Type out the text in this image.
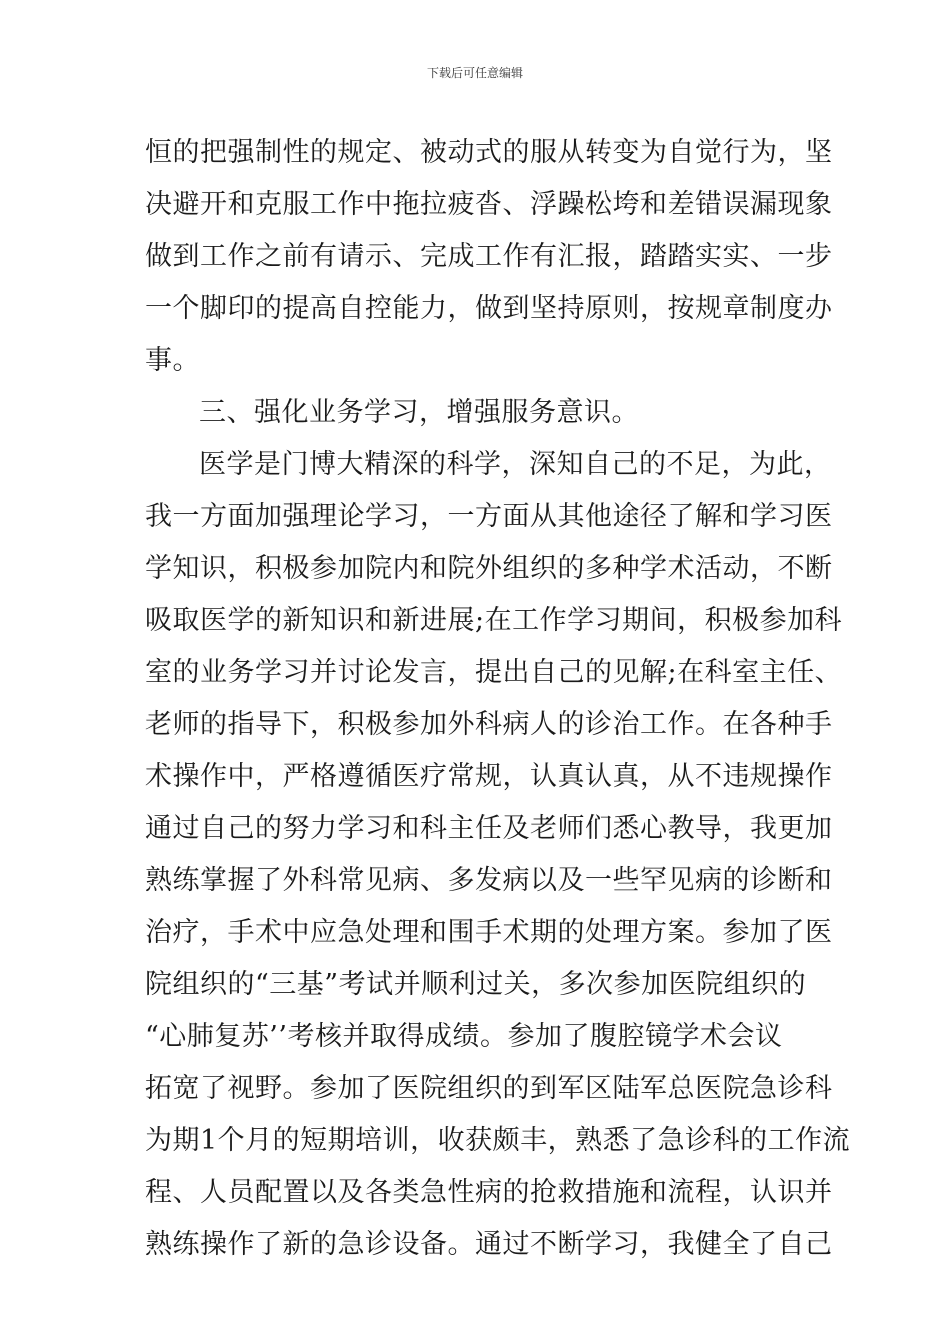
下载后可任意编辑
恒的把强制性的规定、被动式的服从转变为自觉行为，坚
决避开和克服工作中拖拉疲沓、浮躁松垮和差错误漏现象
做到工作之前有请示、完成工作有汇报，踏踏实实、一步
一个脚印的提高自控能力，做到坚持原则，按规章制度办
事。
三、强化业务学习，增强服务意识。
医学是门博大精深的科学，深知自己的不足，为此，
我一方面加强理论学习，一方面从其他途径了解和学习医
学知识，积极参加院内和院外组织的多种学术活动，不断
吸取医学的新知识和新进展;在工作学习期间，积极参加科
室的业务学习并讨论发言，提出自己的见解;在科室主任、
老师的指导下，积极参加外科病人的诊治工作。在各种手
术操作中，严格遵循医疗常规，认真认真，从不违规操作
通过自己的努力学习和科主任及老师们悉心教导，我更加
熟练掌握了外科常见病、多发病以及一些罕见病的诊断和
治疗，手术中应急处理和围手术期的处理方案。参加了医
院组织的“三基”考试并顺利过关，多次参加医院组织的
“心肺复苏’’考核并取得成绩。参加了腹腔镜学术会议
拓宽了视野。参加了医院组织的到军区陆军总医院急诊科
为期1个月的短期培训，收获颇丰，熟悉了急诊科的工作流
程、人员配置以及各类急性病的抢救措施和流程，认识并
熟练操作了新的急诊设备。通过不断学习，我健全了自己
